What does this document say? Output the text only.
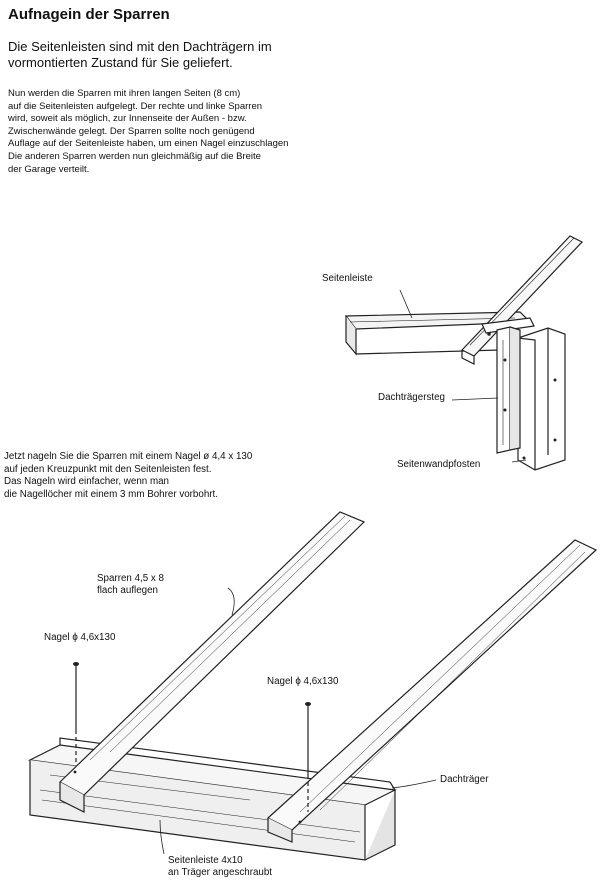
Aufnagein der Sparren
Die Seitenleisten sind mit den Dachträgern im
vormontierten Zustand für Sie geliefert.
Nun werden die Sparren mit ihren langen Seiten (8 cm)
auf die Seitenleisten aufgelegt. Der rechte und linke Sparren
wird, soweit als möglich, zur Innenseite der Außen - bzw.
Zwischenwände gelegt. Der Sparren sollte noch genügend
Auflage auf der Seitenleiste haben, um einen Nagel einzuschlagen
Die anderen Sparren werden nun gleichmäßig auf die Breite
der Garage verteilt.
Jetzt nageln Sie die Sparren mit einem Nagel ø 4,4 x 130
auf jeden Kreuzpunkt mit den Seitenleisten fest.
Das Nageln wird einfacher, wenn man
die Nagellöcher mit einem 3 mm Bohrer vorbohrt.
Seitenleiste
Dachträgersteg
Seitenwandpfosten
Sparren 4,5 x 8
flach auflegen
Nagel ϕ 4,6x130
Nagel ϕ 4,6x130
Dachträger
Seitenleiste 4x10
an Träger angeschraubt
